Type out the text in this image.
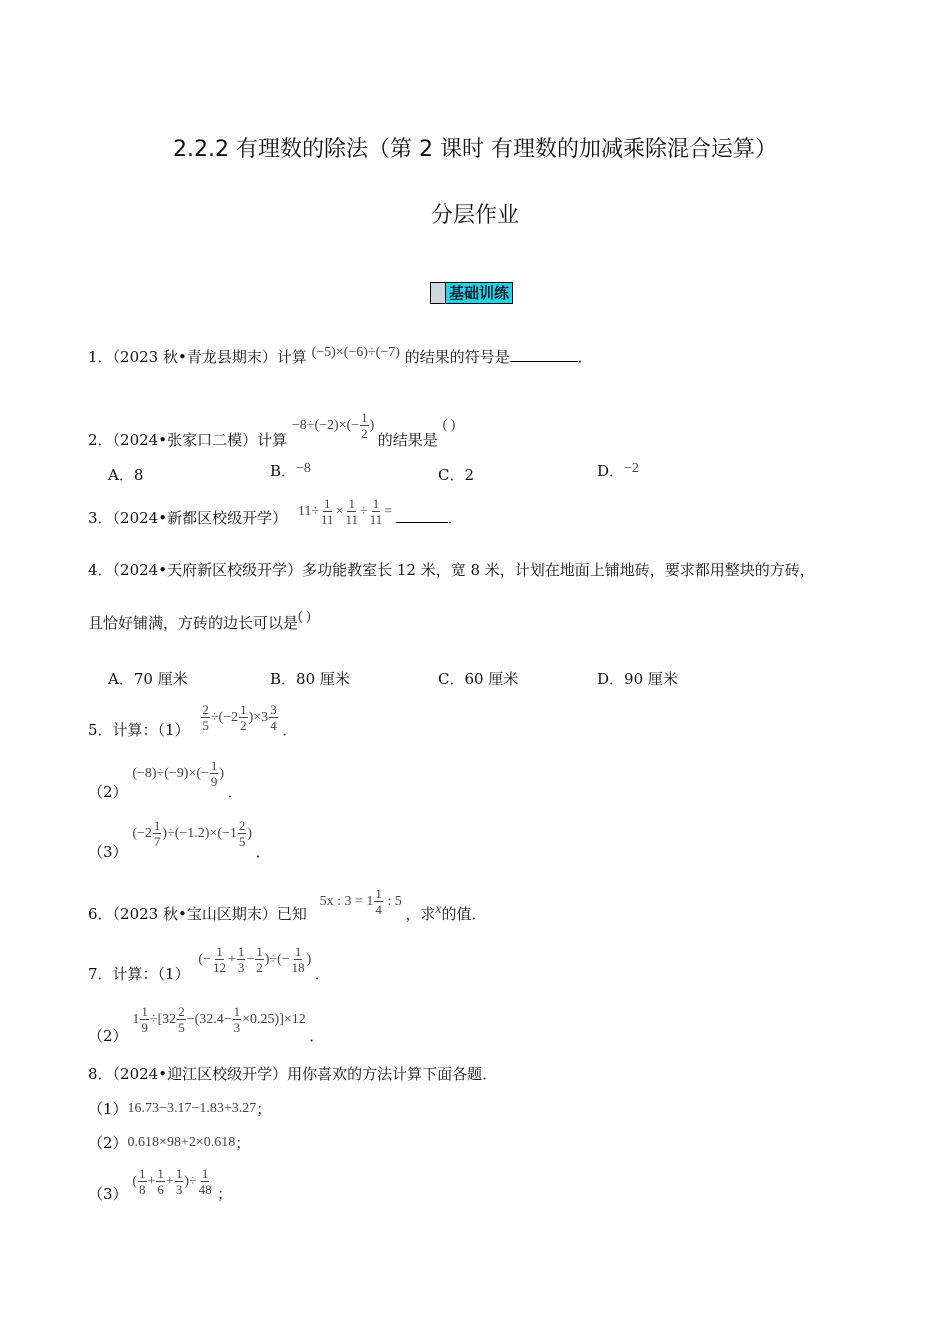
2.2.2 有理数的除法（第 2 课时 有理数的加减乘除混合运算）
分层作业
基础训练
1．（2023 秋•青龙县期末）计算 (−5)×(−6)÷(−7) 的结果的符号是	．
2．（2024•张家口二模）计算 $-8\div(-2)\times(- \frac{1}{2}$ ) 的结果是 ( )
A．8	B．−8	C．2	D．−2
3．（2024•新都区校级开学） $11\div \frac{1}{11} \times \frac{1}{11} \div \frac{1}{11}$ =	．
4．（2024•天府新区校级开学）多功能教室长 12 米，宽 8 米，计划在地面上铺地砖，要求都用整块的方砖，
且恰好铺满，方砖的边长可以是( )
A．70 厘米	B．80 厘米	C．60 厘米	D．90 厘米
5．计算：$(1) \frac{2}{5} \div(-2 \frac{1}{2} )\times 3 \frac{3}{4}$ ．
（2） $(-8)\div(-9)\times(- \frac{1}{9}$ ) ．
（3） $(-2 \frac{1}{7} )\div(-1.2)\times(-1 \frac{2}{5}$ ) ．
6．（2023 秋•宝山区期末）已知 5x : $3 = 1 \frac{1}{4}$ : 5 ，求x的值．
7．计算：（1） (− $\frac{1}{12} + \frac{1}{3} - \frac{1}{2}$ )÷(− $\frac{1}{18}$ ) ．
（2） $1 \frac{1}{9} \div[32 \frac{2}{5} -(32.4- \frac{1}{3} \times 0.25)]\times 12$ ．
8．（2024•迎江区校级开学）用你喜欢的方法计算下面各题．
（1）16.73−3.17−1.83+3.27；
（2）0.618×98+2×0.618；
（3） ( $\frac{1}{8} + \frac{1}{6} + \frac{1}{3}$ )÷ $\frac{1}{48}$ ；
